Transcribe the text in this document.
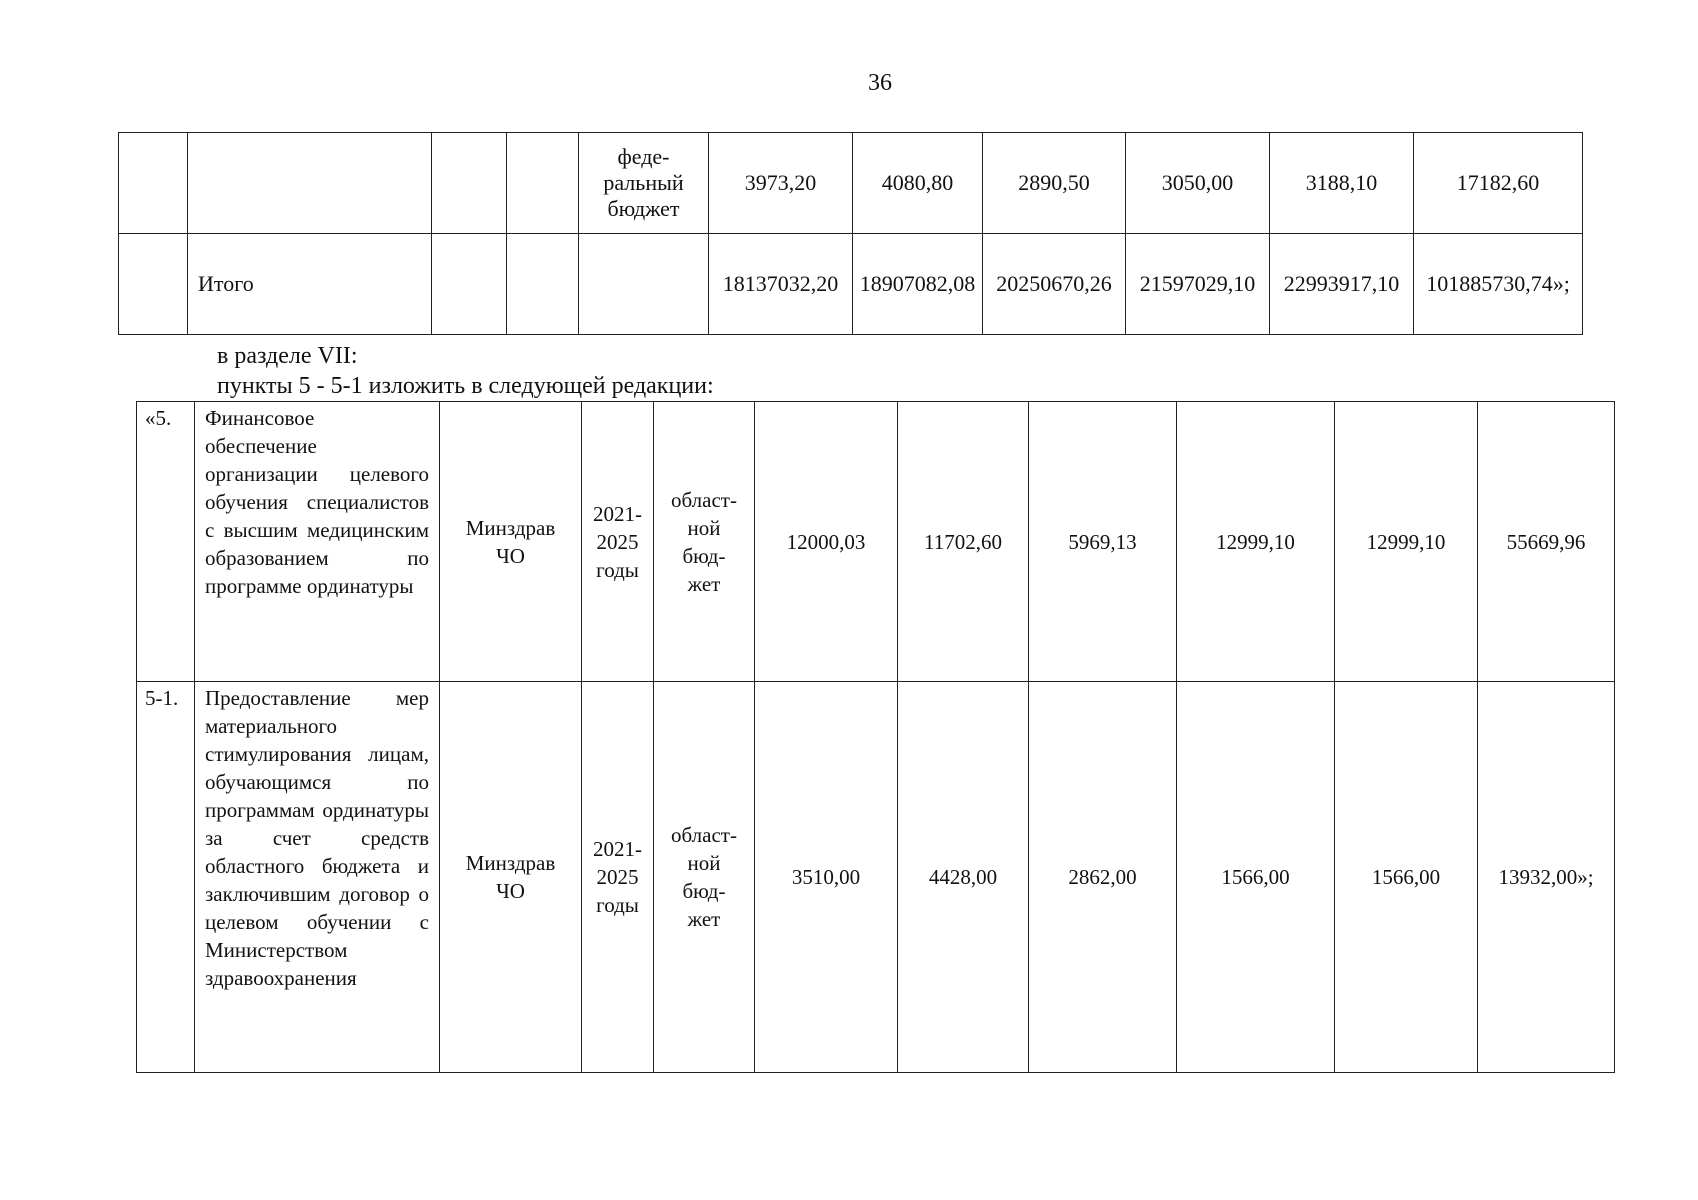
36

				феде-
ральный
бюджет	3973,20	4080,80	2890,50	3050,00	3188,10	17182,60
	Итого				18137032,20	18907082,08	20250670,26	21597029,10	22993917,10	101885730,74»;
в разделе VII:
пункты 5 - 5-1 изложить в следующей редакции:
«5.	Финансовое обеспечение организации целевого обучения специалистов с высшим медицинским образованием по программе ординатуры	Минздрав
ЧО	2021-
2025
годы	област-
ной
бюд-
жет	12000,03	11702,60	5969,13	12999,10	12999,10	55669,96
5-1.	Предоставление мер материального стимулирования лицам, обучающимся по программам ординатуры за счет средств областного бюджета и заключившим договор о целевом обучении с Министерством здравоохранения	Минздрав
ЧО	2021-
2025
годы	област-
ной
бюд-
жет	3510,00	4428,00	2862,00	1566,00	1566,00	13932,00»;
